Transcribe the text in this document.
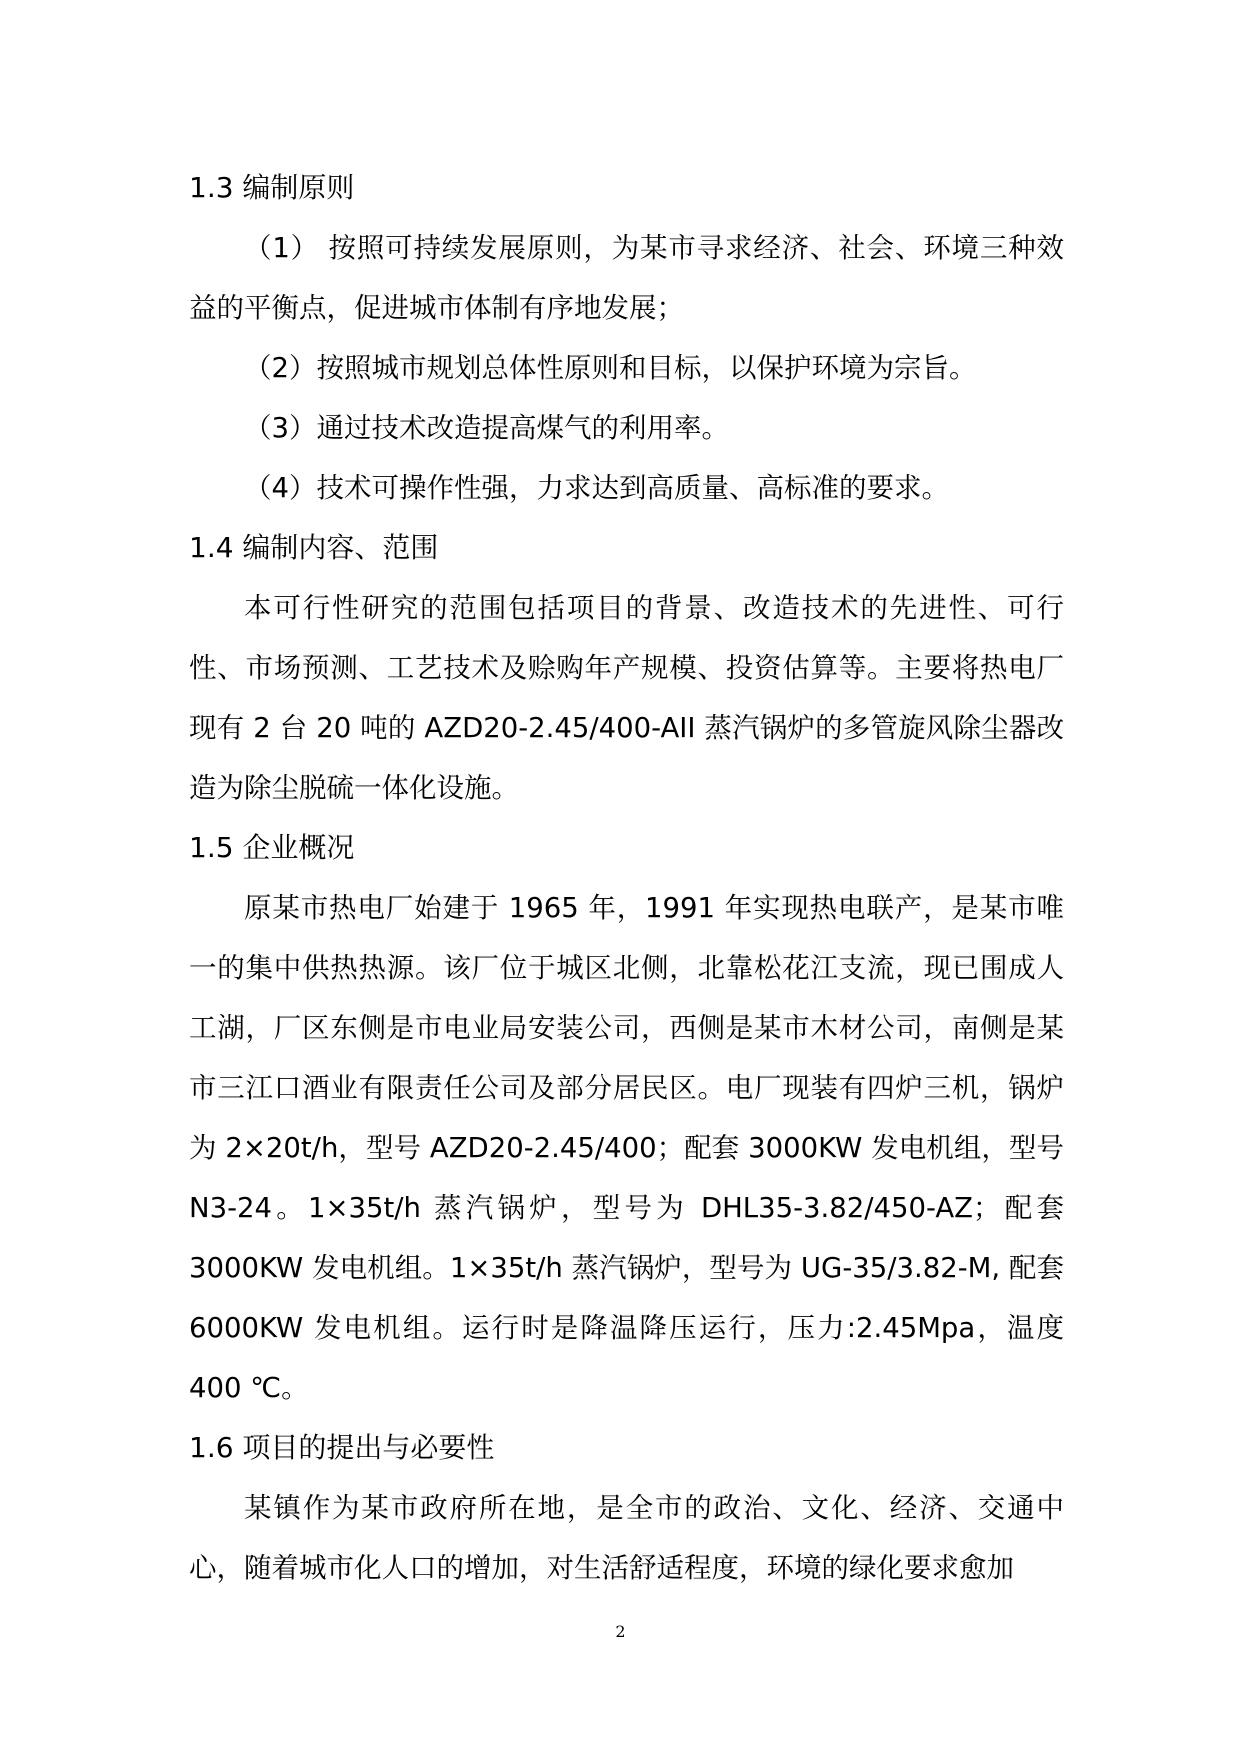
1.3 编制原则

（1） 按照可持续发展原则，为某市寻求经济、社会、环境三种效益的平衡点，促进城市体制有序地发展；

（2）按照城市规划总体性原则和目标，以保护环境为宗旨。

（3）通过技术改造提高煤气的利用率。

（4）技术可操作性强，力求达到高质量、高标准的要求。

1.4 编制内容、范围

本可行性研究的范围包括项目的背景、改造技术的先进性、可行性、市场预测、工艺技术及赊购年产规模、投资估算等。主要将热电厂现有 2 台 20 吨的 AZD20-2.45/400-AII 蒸汽锅炉的多管旋风除尘器改造为除尘脱硫一体化设施。

1.5 企业概况

原某市热电厂始建于 1965 年，1991 年实现热电联产，是某市唯一的集中供热热源。该厂位于城区北侧，北靠松花江支流，现已围成人工湖，厂区东侧是市电业局安装公司，西侧是某市木材公司，南侧是某市三江口酒业有限责任公司及部分居民区。电厂现装有四炉三机，锅炉为 2×20t/h，型号 AZD20-2.45/400；配套 3000KW 发电机组，型号 N3-24。1×35t/h 蒸汽锅炉，型号为 DHL35-3.82/450-AZ；配套 3000KW 发电机组。1×35t/h 蒸汽锅炉，型号为 UG-35/3.82-M, 配套 6000KW 发电机组。运行时是降温降压运行，压力:2.45Mpa，温度 400 ℃。

1.6 项目的提出与必要性

某镇作为某市政府所在地，是全市的政治、文化、经济、交通中心，随着城市化人口的增加，对生活舒适程度，环境的绿化要求愈加

2
